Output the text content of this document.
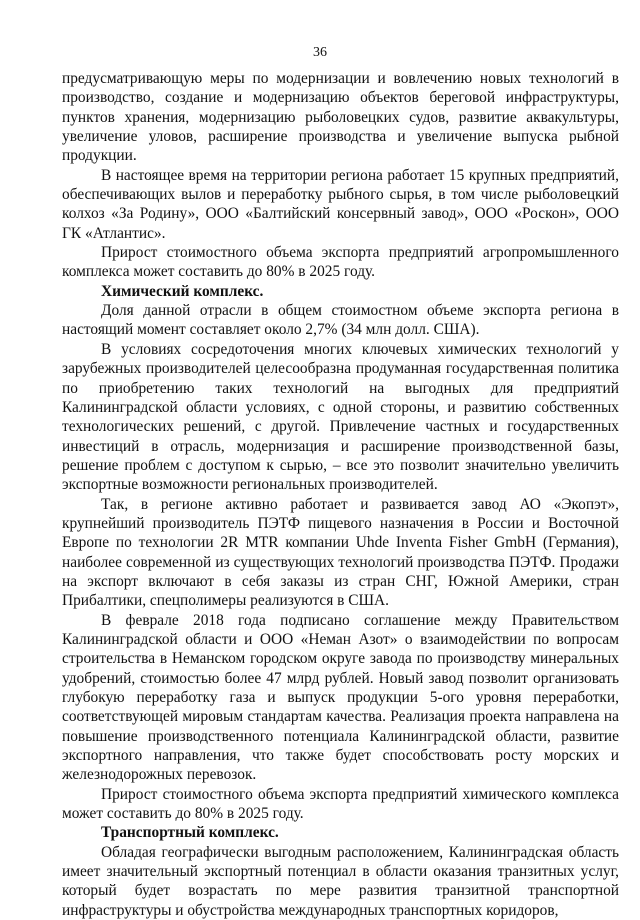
36

предусматривающую меры по модернизации и вовлечению новых технологий в производство, создание и модернизацию объектов береговой инфраструктуры, пунктов хранения, модернизацию рыболовецких судов, развитие аквакультуры, увеличение уловов, расширение производства и увеличение выпуска рыбной продукции.

В настоящее время на территории региона работает 15 крупных предприятий, обеспечивающих вылов и переработку рыбного сырья, в том числе рыболовецкий колхоз «За Родину», ООО «Балтийский консервный завод», ООО «Роскон», ООО ГК «Атлантис».

Прирост стоимостного объема экспорта предприятий агропромышленного комплекса может составить до 80% в 2025 году.

Химический комплекс.

Доля данной отрасли в общем стоимостном объеме экспорта региона в настоящий момент составляет около 2,7% (34 млн долл. США).

В условиях сосредоточения многих ключевых химических технологий у зарубежных производителей целесообразна продуманная государственная политика по приобретению таких технологий на выгодных для предприятий Калининградской области условиях, с одной стороны, и развитию собственных технологических решений, с другой. Привлечение частных и государственных инвестиций в отрасль, модернизация и расширение производственной базы, решение проблем с доступом к сырью, – все это позволит значительно увеличить экспортные возможности региональных производителей.

Так, в регионе активно работает и развивается завод АО «Экопэт», крупнейший производитель ПЭТФ пищевого назначения в России и Восточной Европе по технологии 2R MTR компании Uhde Inventa Fisher GmbH (Германия), наиболее современной из существующих технологий производства ПЭТФ. Продажи на экспорт включают в себя заказы из стран СНГ, Южной Америки, стран Прибалтики, спецполимеры реализуются в США.

В феврале 2018 года подписано соглашение между Правительством Калининградской области и ООО «Неман Азот» о взаимодействии по вопросам строительства в Неманском городском округе завода по производству минеральных удобрений, стоимостью более 47 млрд рублей. Новый завод позволит организовать глубокую переработку газа и выпуск продукции 5-ого уровня переработки, соответствующей мировым стандартам качества. Реализация проекта направлена на повышение производственного потенциала Калининградской области, развитие экспортного направления, что также будет способствовать росту морских и железнодорожных перевозок.

Прирост стоимостного объема экспорта предприятий химического комплекса может составить до 80% в 2025 году.

Транспортный комплекс.

Обладая географически выгодным расположением, Калининградская область имеет значительный экспортный потенциал в области оказания транзитных услуг, который будет возрастать по мере развития транзитной транспортной инфраструктуры и обустройства международных транспортных коридоров,
